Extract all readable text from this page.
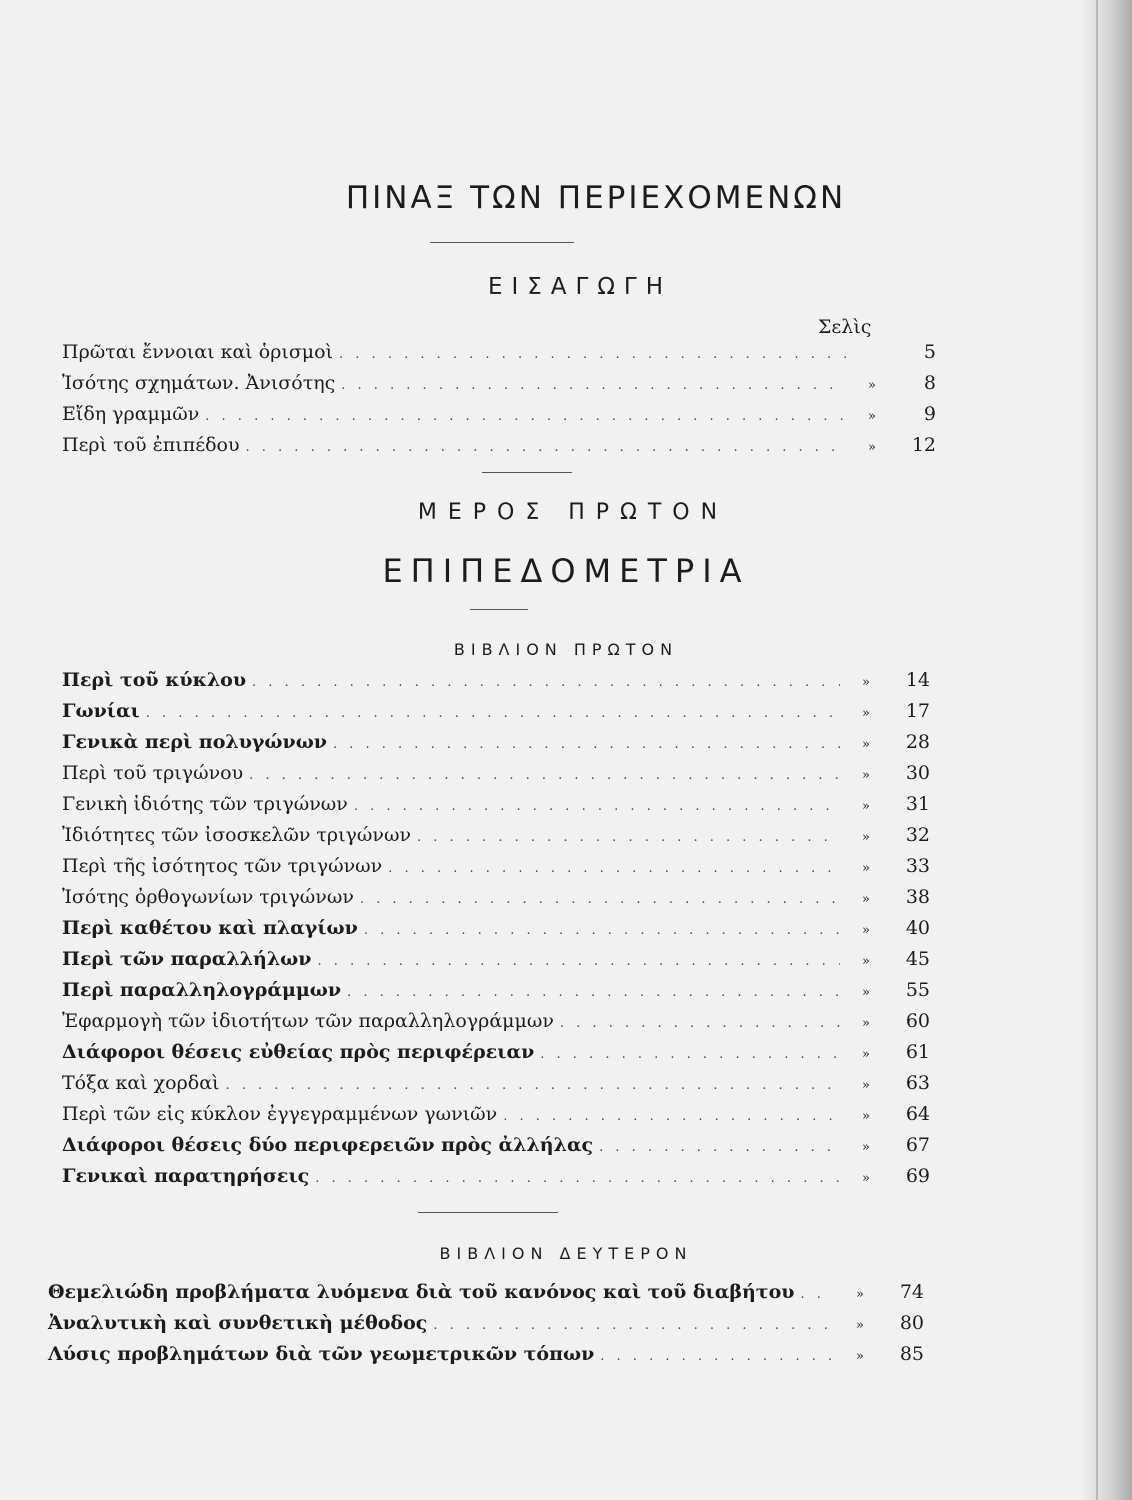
ΠΙΝΑΞ ΤΩΝ ΠΕΡΙΕΧΟΜΕΝΩΝ
ΕΙΣΑΓΩΓΗ
Σελὶς
Πρῶται ἔννοιαι καὶ ὁρισμοὶ . . .	5
Ἰσότης σχημάτων. Ἀνισότης . . .	»	8
Εἴδη γραμμῶν . . .	»	9
Περὶ τοῦ ἐπιπέδου . . .	»	12
ΜΕΡΟΣ ΠΡΩΤΟΝ
ΕΠΙΠΕΔΟΜΕΤΡΙΑ
ΒΙΒΛΙΟΝ ΠΡΩΤΟΝ
Περὶ τοῦ κύκλου . . .	»	14
Γωνίαι . . .	»	17
Γενικὰ περὶ πολυγώνων . . .	»	28
Περὶ τοῦ τριγώνου . . .	»	30
Γενικὴ ἰδιότης τῶν τριγώνων . . .	»	31
Ἰδιότητες τῶν ἰσοσκελῶν τριγώνων . . .	»	32
Περὶ τῆς ἰσότητος τῶν τριγώνων . . .	»	33
Ἰσότης ὀρθογωνίων τριγώνων . . .	»	38
Περὶ καθέτου καὶ πλαγίων . . .	»	40
Περὶ τῶν παραλλήλων . . .	»	45
Περὶ παραλληλογράμμων . . .	»	55
Ἐφαρμογὴ τῶν ἰδιοτήτων τῶν παραλληλογράμμων . . .	»	60
Διάφοροι θέσεις εὐθείας πρὸς περιφέρειαν . . .	»	61
Τόξα καὶ χορδαὶ . . .	»	63
Περὶ τῶν εἰς κύκλον ἐγγεγραμμένων γωνιῶν . . .	»	64
Διάφοροι θέσεις δύο περιφερειῶν πρὸς ἀλλήλας . . .	»	67
Γενικαὶ παρατηρήσεις . . .	»	69
ΒΙΒΛΙΟΝ ΔΕΥΤΕΡΟΝ
Θεμελιώδη προβλήματα λυόμενα διὰ τοῦ κανόνος καὶ τοῦ διαβήτου . . .	»	74
Ἀναλυτικὴ καὶ συνθετικὴ μέθοδος . . .	»	80
Λύσις προβλημάτων διὰ τῶν γεωμετρικῶν τόπων . . .	»	85
